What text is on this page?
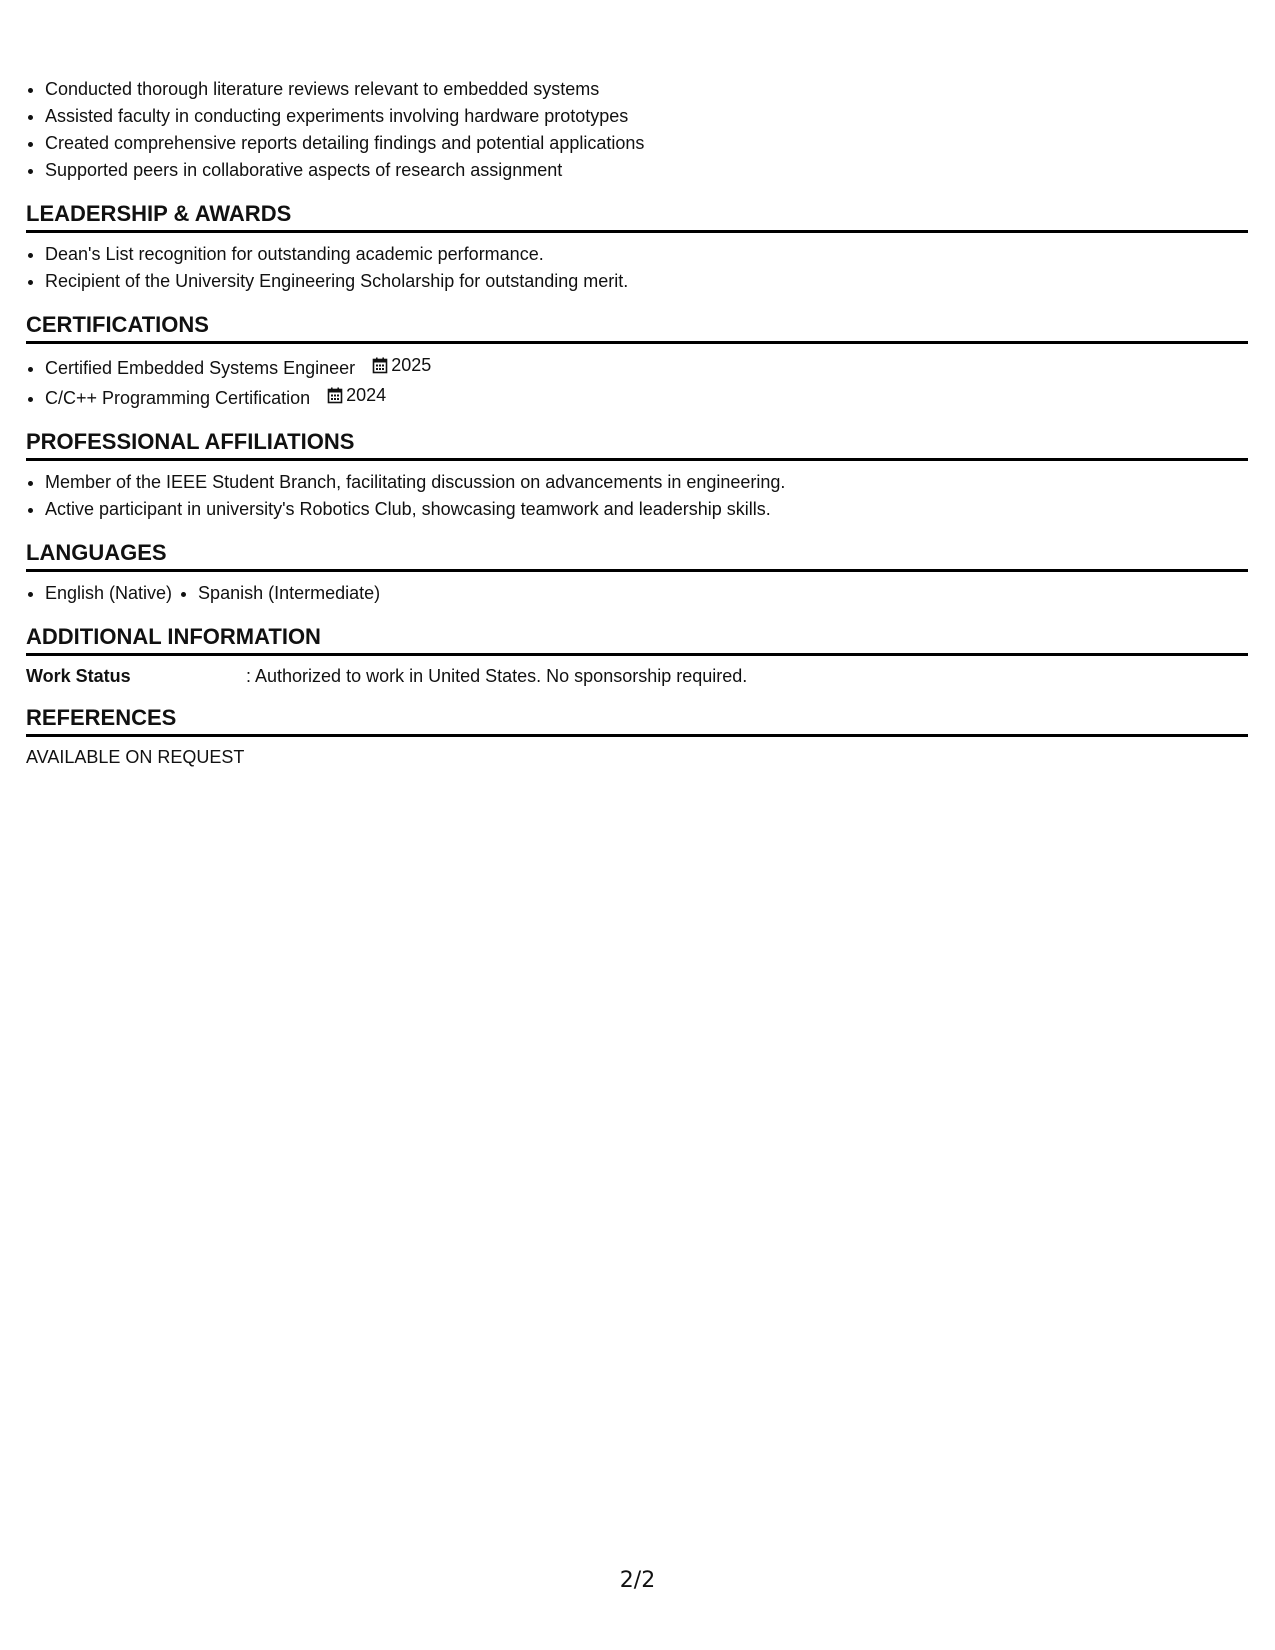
• Conducted thorough literature reviews relevant to embedded systems
• Assisted faculty in conducting experiments involving hardware prototypes
• Created comprehensive reports detailing findings and potential applications
• Supported peers in collaborative aspects of research assignment
LEADERSHIP & AWARDS
• Dean's List recognition for outstanding academic performance.
• Recipient of the University Engineering Scholarship for outstanding merit.
CERTIFICATIONS
• Certified Embedded Systems Engineer 2025
• C/C++ Programming Certification 2024
PROFESSIONAL AFFILIATIONS
• Member of the IEEE Student Branch, facilitating discussion on advancements in engineering.
• Active participant in university's Robotics Club, showcasing teamwork and leadership skills.
LANGUAGES
• English (Native)
• Spanish (Intermediate)
ADDITIONAL INFORMATION
Work Status	: Authorized to work in United States. No sponsorship required.
REFERENCES
AVAILABLE ON REQUEST
2/2
